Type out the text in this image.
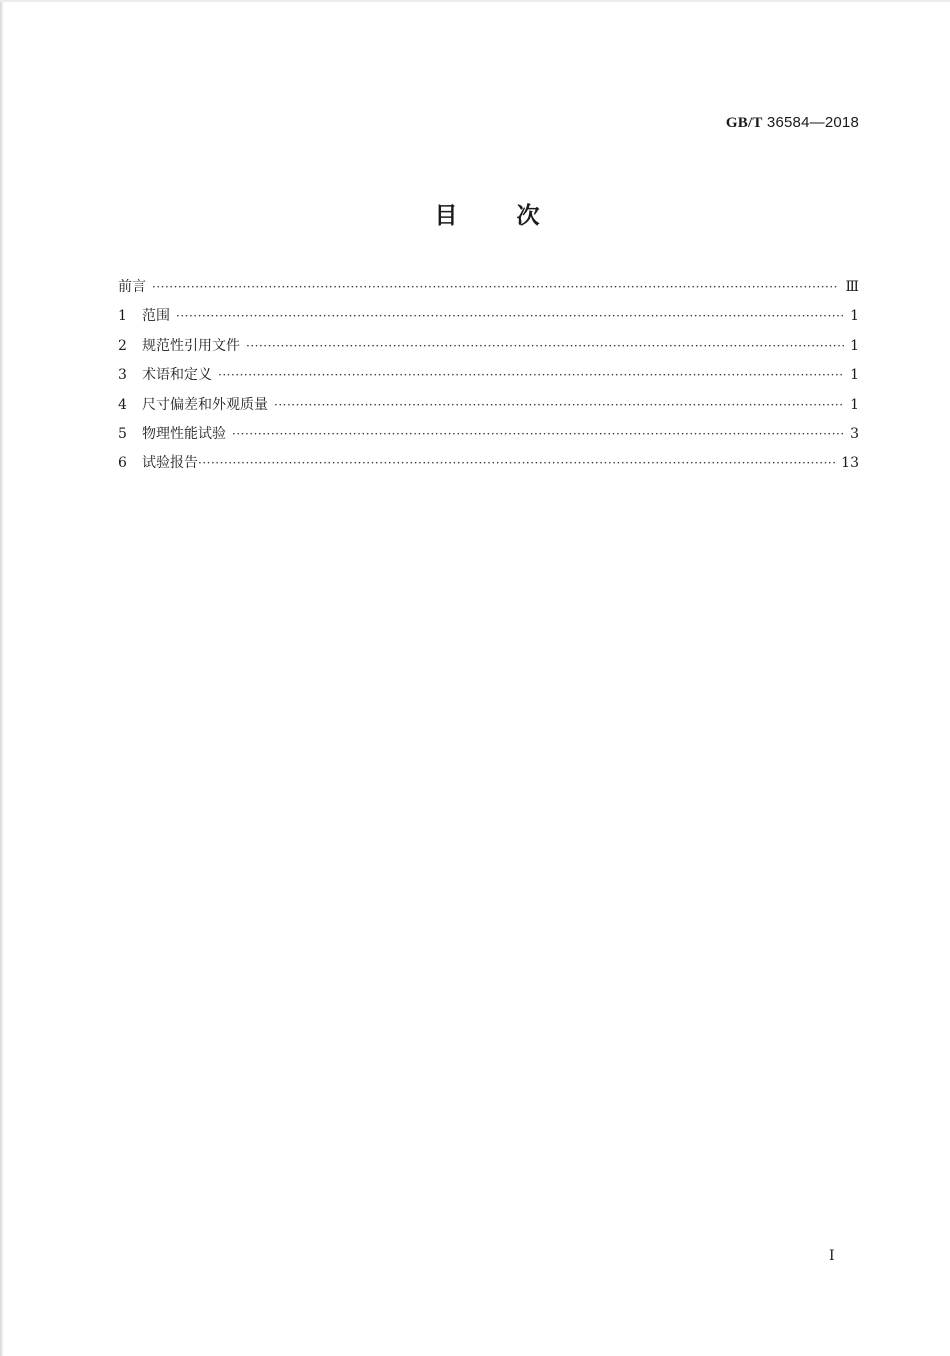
GB/T 36584—2018
目	次
前言 ·····	Ⅲ
1	范围 ·····	1
2	规范性引用文件 ·····	1
3	术语和定义 ·····	1
4	尺寸偏差和外观质量 ·····	1
5	物理性能试验 ·····	3
6	试验报告 ·····	13
Ⅰ
